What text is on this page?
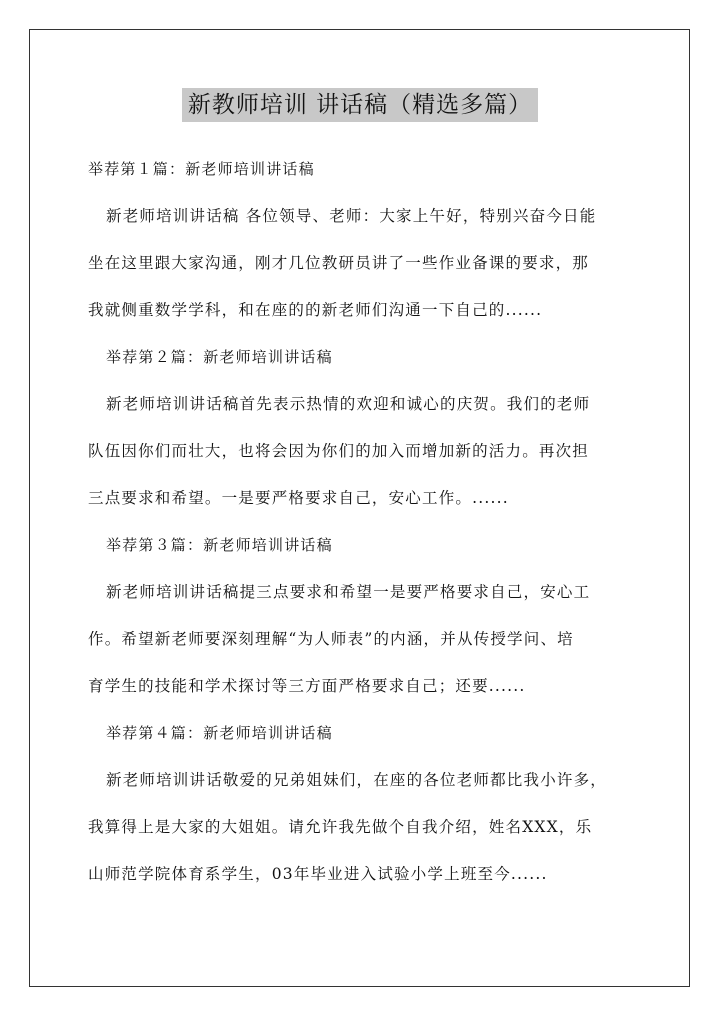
新教师培训 讲话稿（精选多篇）
举荐第１篇：新老师培训讲话稿
新老师培训讲话稿 各位领导、老师：大家上午好，特别兴奋今日能
坐在这里跟大家沟通，刚才几位教研员讲了一些作业备课的要求，那
我就侧重数学学科，和在座的的新老师们沟通一下自己的......
举荐第２篇：新老师培训讲话稿
新老师培训讲话稿首先表示热情的欢迎和诚心的庆贺。我们的老师
队伍因你们而壮大，也将会因为你们的加入而增加新的活力。再次担
三点要求和希望。一是要严格要求自己，安心工作。......
举荐第３篇：新老师培训讲话稿
新老师培训讲话稿提三点要求和希望一是要严格要求自己，安心工
作。希望新老师要深刻理解“为人师表”的内涵，并从传授学问、培
育学生的技能和学术探讨等三方面严格要求自己；还要......
举荐第４篇：新老师培训讲话稿
新老师培训讲话敬爱的兄弟姐妹们，在座的各位老师都比我小许多，
我算得上是大家的大姐姐。请允许我先做个自我介绍，姓名XXX，乐
山师范学院体育系学生，03年毕业进入试验小学上班至今......
